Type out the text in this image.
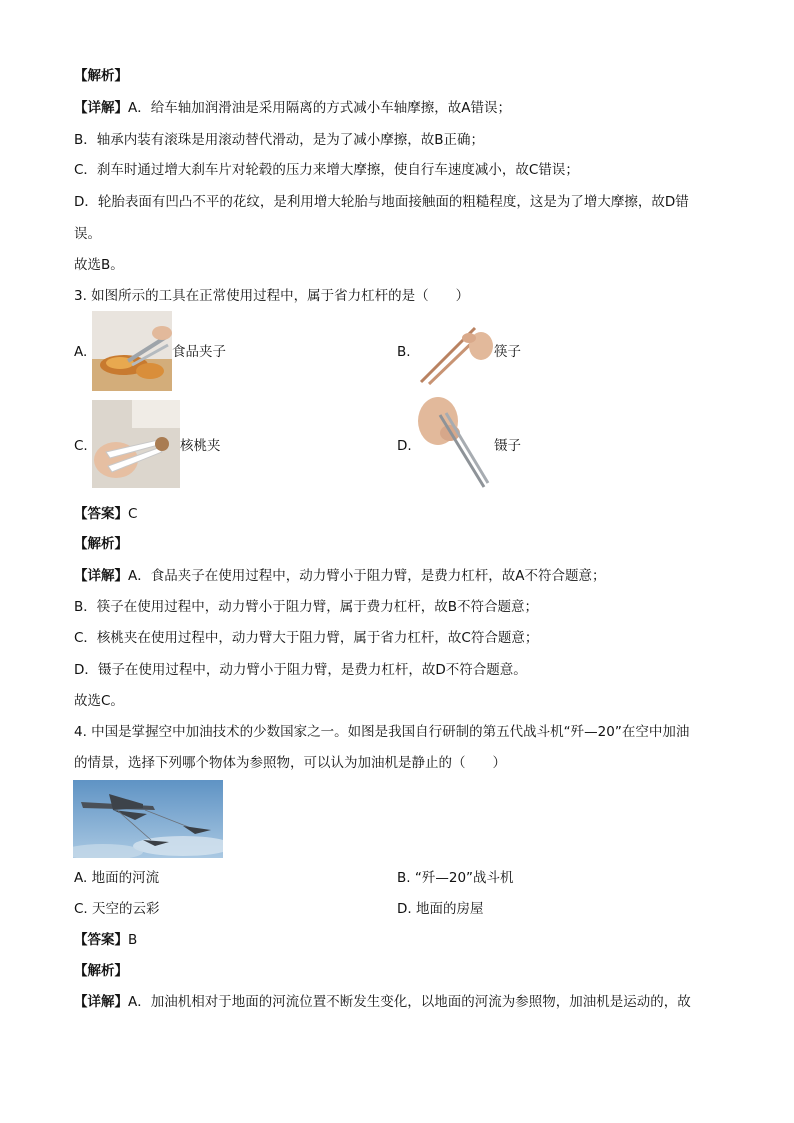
【解析】
【详解】A．给车轴加润滑油是采用隔离的方式减小车轴摩擦，故A错误；
B．轴承内装有滚珠是用滚动替代滑动，是为了减小摩擦，故B正确；
C．刹车时通过增大刹车片对轮毂的压力来增大摩擦，使自行车速度减小，故C错误；
D．轮胎表面有凹凸不平的花纹，是利用增大轮胎与地面接触面的粗糙程度，这是为了增大摩擦，故D错
误。
故选B。
3. 如图所示的工具在正常使用过程中，属于省力杠杆的是（　　）
A.	食品夹子	B.	筷子
C.	核桃夹	D.	镊子
【答案】C
【解析】
【详解】A．食品夹子在使用过程中，动力臂小于阻力臂，是费力杠杆，故A不符合题意；
B．筷子在使用过程中，动力臂小于阻力臂，属于费力杠杆，故B不符合题意；
C．核桃夹在使用过程中，动力臂大于阻力臂，属于省力杠杆，故C符合题意；
D．镊子在使用过程中，动力臂小于阻力臂，是费力杠杆，故D不符合题意。
故选C。
4. 中国是掌握空中加油技术的少数国家之一。如图是我国自行研制的第五代战斗机“歼—20”在空中加油
的情景，选择下列哪个物体为参照物，可以认为加油机是静止的（　　）
A. 地面的河流	B. “歼—20”战斗机
C. 天空的云彩	D. 地面的房屋
【答案】B
【解析】
【详解】A．加油机相对于地面的河流位置不断发生变化，以地面的河流为参照物，加油机是运动的，故
